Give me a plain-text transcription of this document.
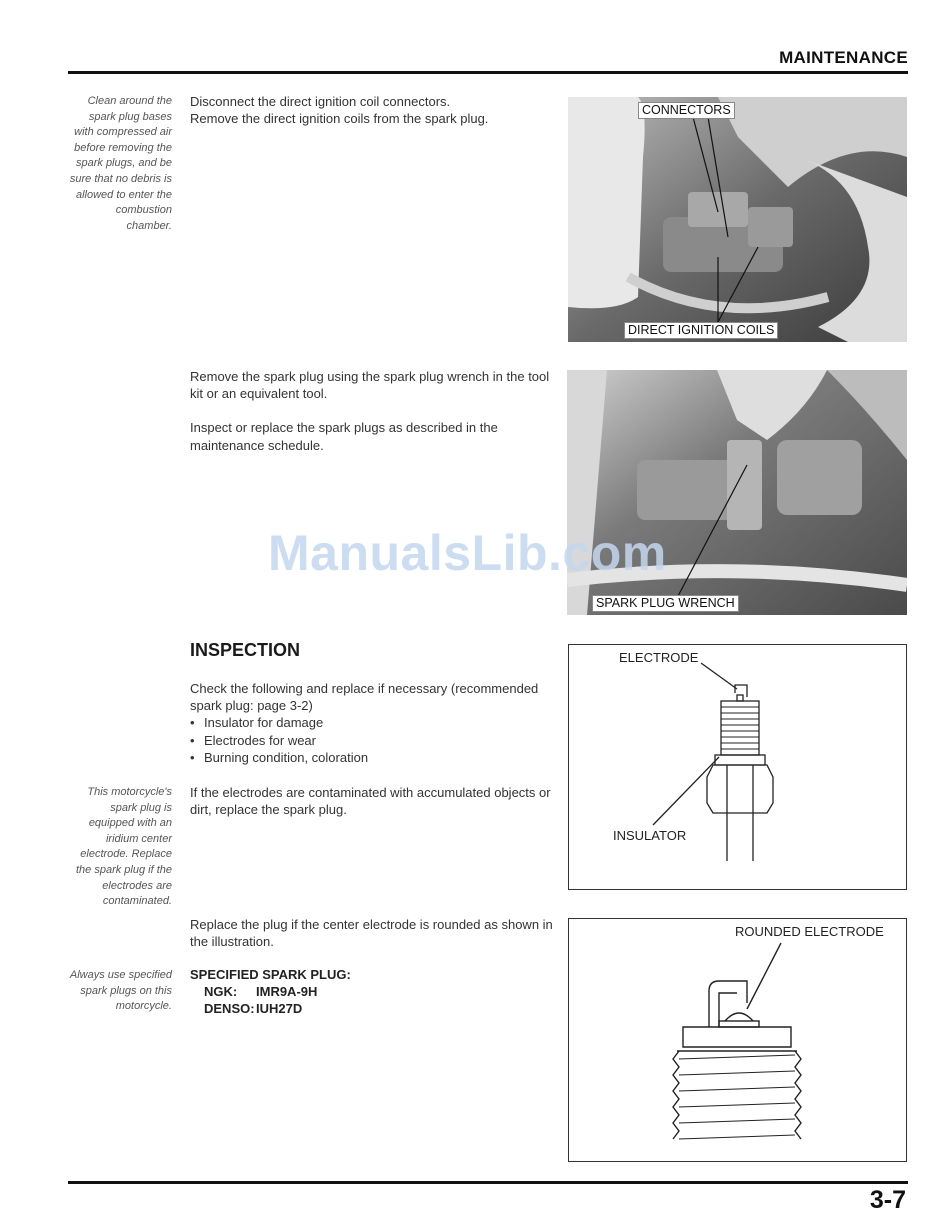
MAINTENANCE
Clean around the spark plug bases with compressed air before removing the spark plugs, and be sure that no debris is allowed to enter the combustion chamber.
This motorcycle's spark plug is equipped with an iridium center electrode. Replace the spark plug if the electrodes are contaminated.
Always use specified spark plugs on this motorcycle.

Disconnect the direct ignition coil connectors.

Remove the direct ignition coils from the spark plug.

CONNECTORS
DIRECT IGNITION COILS

Remove the spark plug using the spark plug wrench in the tool kit or an equivalent tool.

Inspect or replace the spark plugs as described in the maintenance schedule.

SPARK PLUG WRENCH
ManualsLib.com
INSPECTION

Check the following and replace if necessary (recommended spark plug: page 3-2)

• Insulator for damage
• Electrodes for wear
• Burning condition, coloration
If the electrodes are contaminated with accumulated objects or dirt, replace the spark plug.
Replace the plug if the center electrode is rounded as shown in the illustration.
SPECIFIED SPARK PLUG:
NGK: IMR9A-9H
DENSO:IUH27D
ELECTRODE
INSULATOR
ROUNDED ELECTRODE
3-7
